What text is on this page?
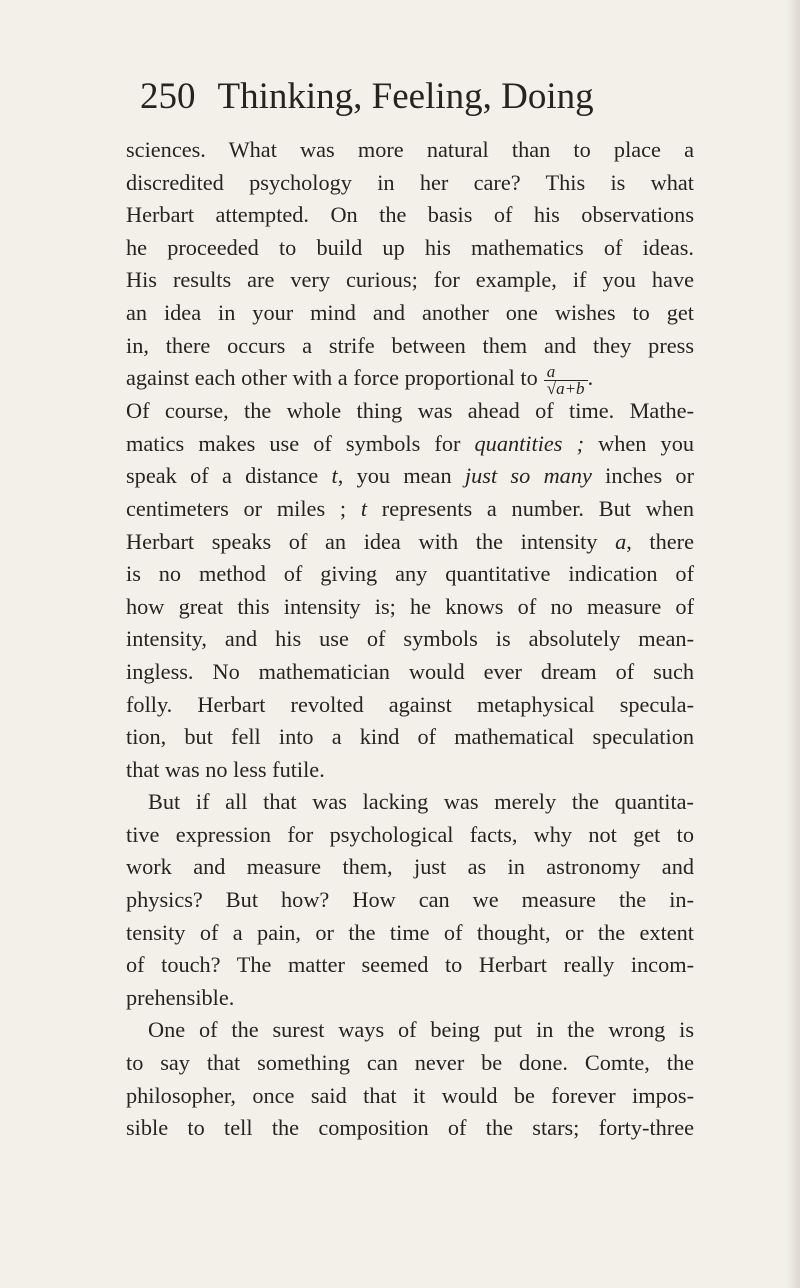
250 Thinking, Feeling, Doing
sciences. What was more natural than to place a
discredited psychology in her care? This is what
Herbart attempted. On the basis of his observations
he proceeded to build up his mathematics of ideas.
His results are very curious; for example, if you have
an idea in your mind and another one wishes to get
in, there occurs a strife between them and they press
against each other with a force proportional to $\frac{a}{√a+b}$ .
Of course, the whole thing was ahead of time. Mathe-
matics makes use of symbols for quantities ; when you
speak of a distance t, you mean just so many inches or
centimeters or miles ; t represents a number. But when
Herbart speaks of an idea with the intensity a, there
is no method of giving any quantitative indication of
how great this intensity is; he knows of no measure of
intensity, and his use of symbols is absolutely mean-
ingless. No mathematician would ever dream of such
folly. Herbart revolted against metaphysical specula-
tion, but fell into a kind of mathematical speculation
that was no less futile.
But if all that was lacking was merely the quantita-
tive expression for psychological facts, why not get to
work and measure them, just as in astronomy and
physics? But how? How can we measure the in-
tensity of a pain, or the time of thought, or the extent
of touch? The matter seemed to Herbart really incom-
prehensible.
One of the surest ways of being put in the wrong is
to say that something can never be done. Comte, the
philosopher, once said that it would be forever impos-
sible to tell the composition of the stars; forty-three
